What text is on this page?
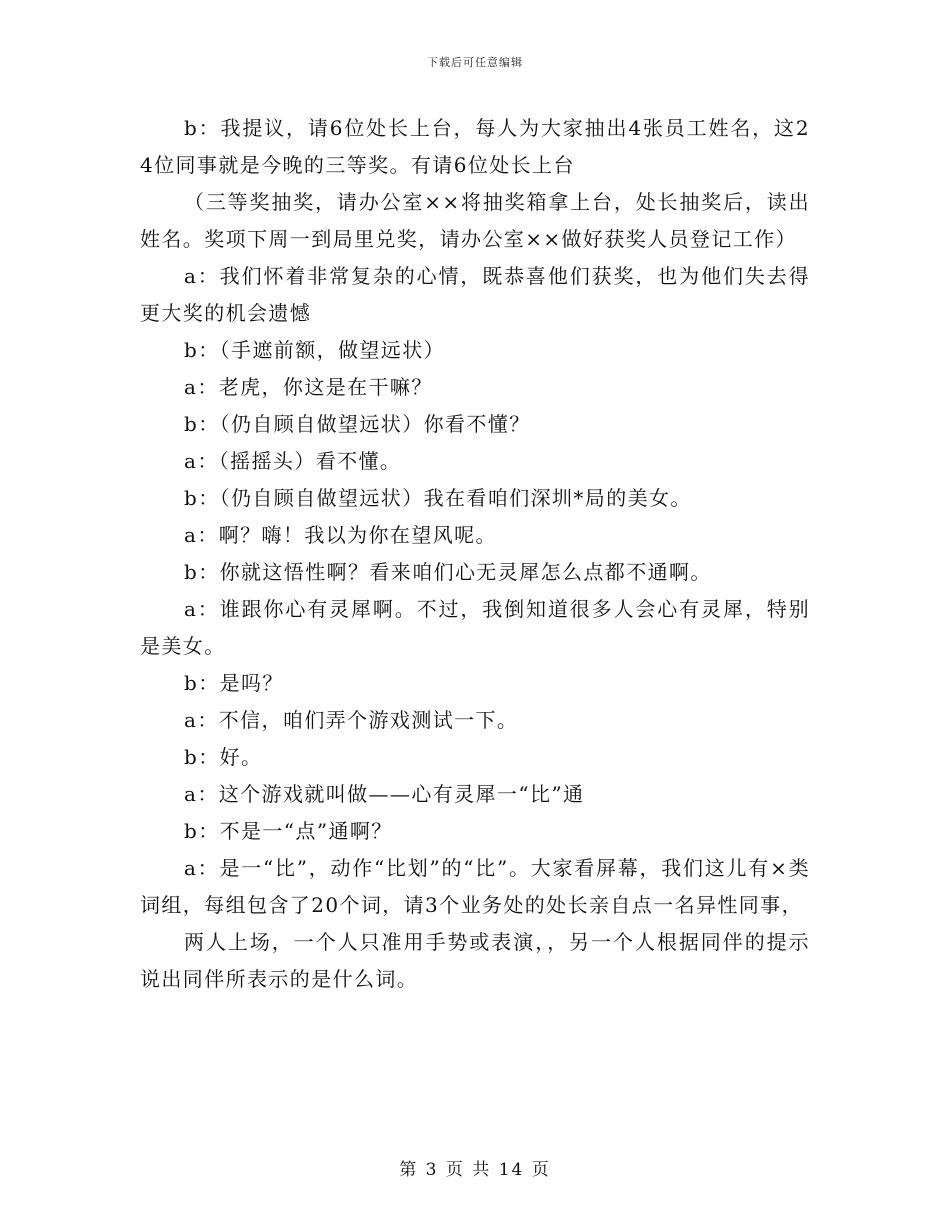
下载后可任意编辑

b：我提议，请6位处长上台，每人为大家抽出4张员工姓名，这24位同事就是今晚的三等奖。有请6位处长上台

（三等奖抽奖，请办公室××将抽奖箱拿上台，处长抽奖后，读出姓名。奖项下周一到局里兑奖，请办公室××做好获奖人员登记工作）

a：我们怀着非常复杂的心情，既恭喜他们获奖，也为他们失去得更大奖的机会遗憾

b：（手遮前额，做望远状）

a：老虎，你这是在干嘛？

b：（仍自顾自做望远状）你看不懂？

a：（摇摇头）看不懂。

b：（仍自顾自做望远状）我在看咱们深圳*局的美女。

a：啊？嗨！我以为你在望风呢。

b：你就这悟性啊？看来咱们心无灵犀怎么点都不通啊。

a：谁跟你心有灵犀啊。不过，我倒知道很多人会心有灵犀，特别是美女。

b：是吗？

a：不信，咱们弄个游戏测试一下。

b：好。

a：这个游戏就叫做——心有灵犀一“比”通

b：不是一“点”通啊？

a：是一“比”，动作“比划”的“比”。大家看屏幕，我们这儿有×类词组，每组包含了20个词，请3个业务处的处长亲自点一名异性同事，

两人上场，一个人只准用手势或表演，，另一个人根据同伴的提示说出同伴所表示的是什么词。

第 3 页 共 14 页
